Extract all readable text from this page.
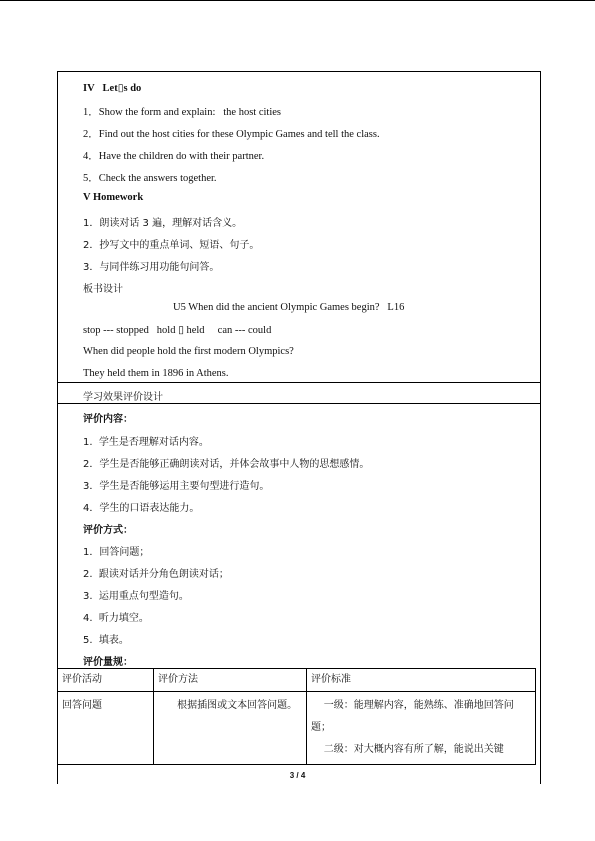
IV   Let▯s do
1．Show the form and explain:   the host cities
2．Find out the host cities for these Olympic Games and tell the class.
4．Have the children do with their partner.
5．Check the answers together.
V Homework
1．朗读对话 3 遍，理解对话含义。
2．抄写文中的重点单词、短语、句子。
3．与同伴练习用功能句问答。
板书设计
U5 When did the ancient Olympic Games begin?   L16
stop --- stopped   hold ▯ held     can --- could
When did people hold the first modern Olympics?
They held them in 1896 in Athens.
学习效果评价设计
评价内容：
1.  学生是否理解对话内容。
2．学生是否能够正确朗读对话，并体会故事中人物的思想感情。
3．学生是否能够运用主要句型进行造句。
4．学生的口语表达能力。
评价方式：
1．回答问题；
2.  跟读对话并分角色朗读对话；
3.  运用重点句型造句。
4.  听力填空。
5.  填表。
评价量规：
评价活动	评价方法	评价标准
回答问题	根据插图或文本回答问题。	一级：能理解内容，能熟练、准确地回答问题；
二级：对大概内容有所了解，能说出关键
3 / 4
